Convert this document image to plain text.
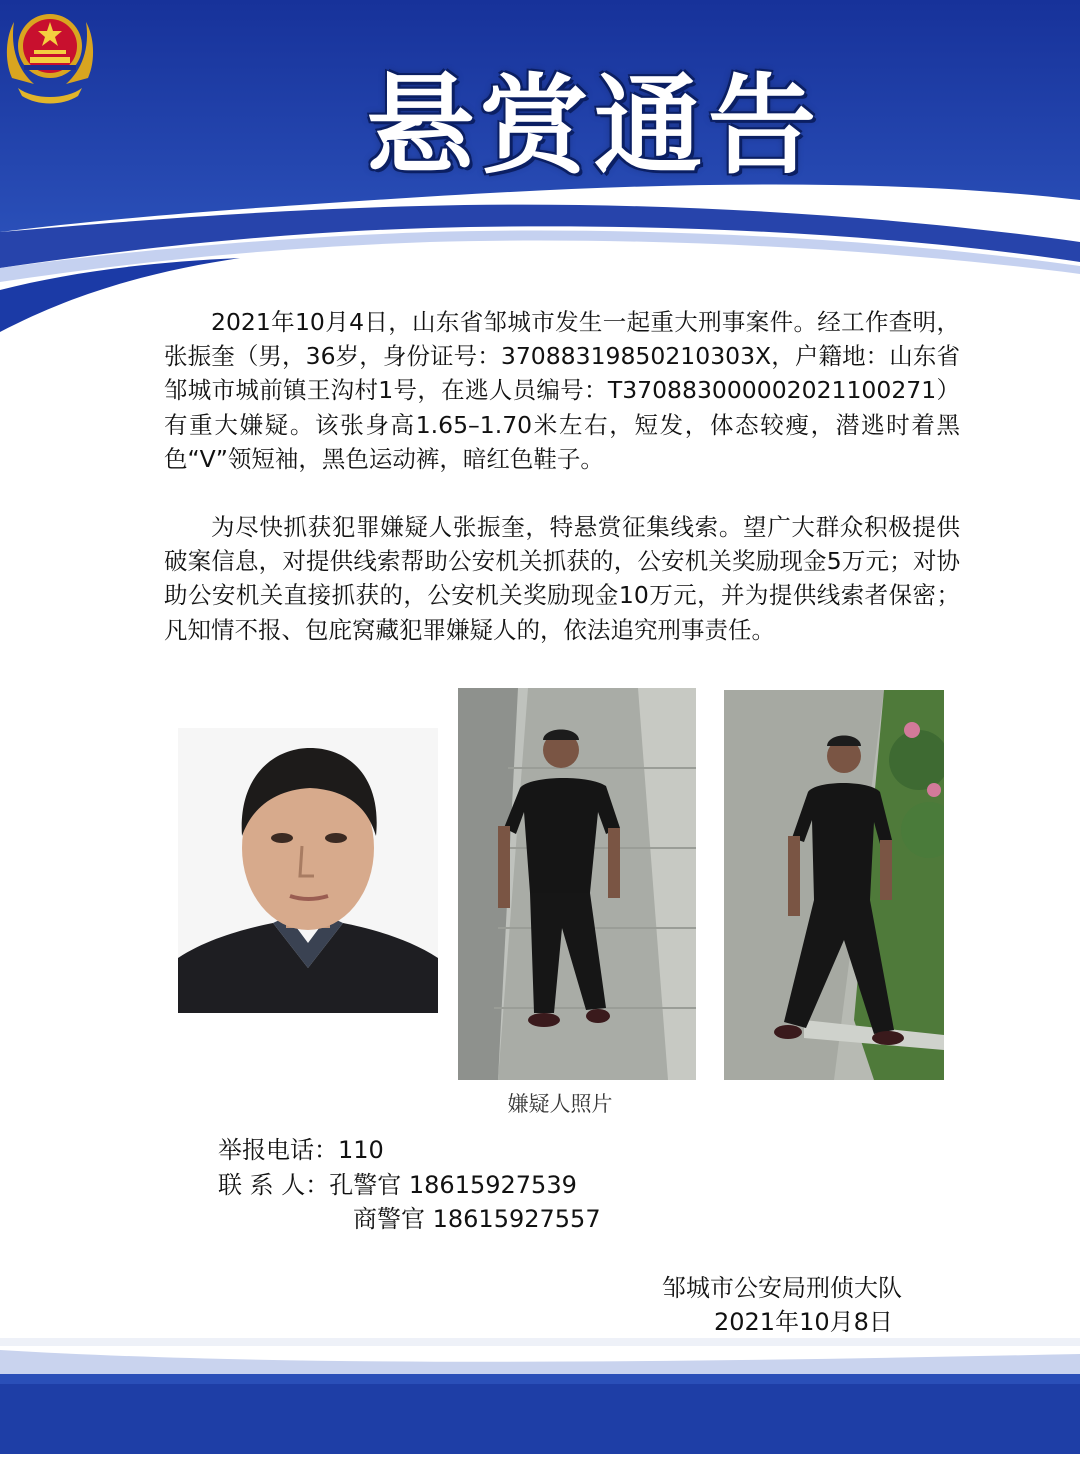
悬赏通告

2021年10月4日，山东省邹城市发生一起重大刑事案件。经工作查明，张振奎（男，36岁，身份证号：37088319850210303X，户籍地：山东省邹城市城前镇王沟村1号，在逃人员编号：T370883000002021100271）有重大嫌疑。该张身高1.65–1.70米左右，短发，体态较瘦，潜逃时着黑色“V”领短袖，黑色运动裤，暗红色鞋子。

为尽快抓获犯罪嫌疑人张振奎，特悬赏征集线索。望广大群众积极提供破案信息，对提供线索帮助公安机关抓获的，公安机关奖励现金5万元；对协助公安机关直接抓获的，公安机关奖励现金10万元，并为提供线索者保密；凡知情不报、包庇窝藏犯罪嫌疑人的，依法追究刑事责任。

嫌疑人照片
举报电话：110
联 系 人：孔警官 18615927539
商警官 18615927557
邹城市公安局刑侦大队
2021年10月8日
